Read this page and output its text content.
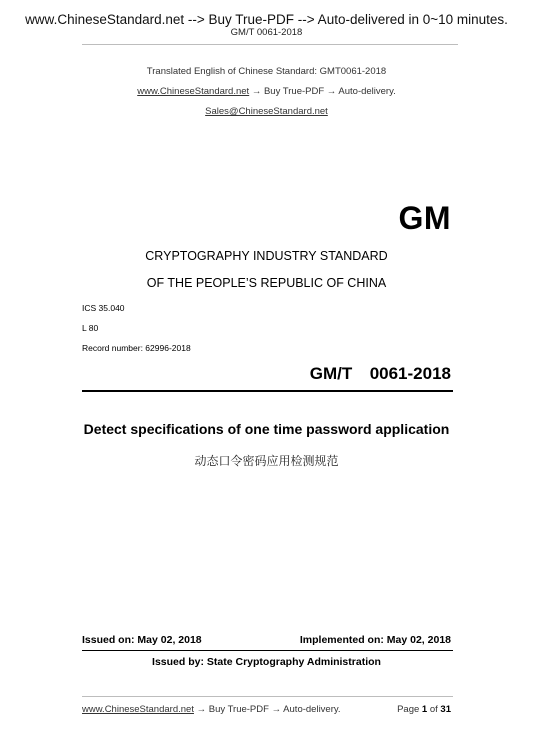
www.ChineseStandard.net --> Buy True-PDF --> Auto-delivered in 0~10 minutes.
GM/T 0061-2018
Translated English of Chinese Standard: GMT0061-2018
www.ChineseStandard.net → Buy True-PDF → Auto-delivery.
Sales@ChineseStandard.net
GM
CRYPTOGRAPHY INDUSTRY STANDARD
OF THE PEOPLE’S REPUBLIC OF CHINA
ICS 35.040
L 80
Record number: 62996-2018
GM/T  0061-2018
Detect specifications of one time password application
动态口令密码应用检测规范
Issued on: May 02, 2018	Implemented on: May 02, 2018
Issued by: State Cryptography Administration
www.ChineseStandard.net → Buy True-PDF → Auto-delivery.	Page 1 of 31
